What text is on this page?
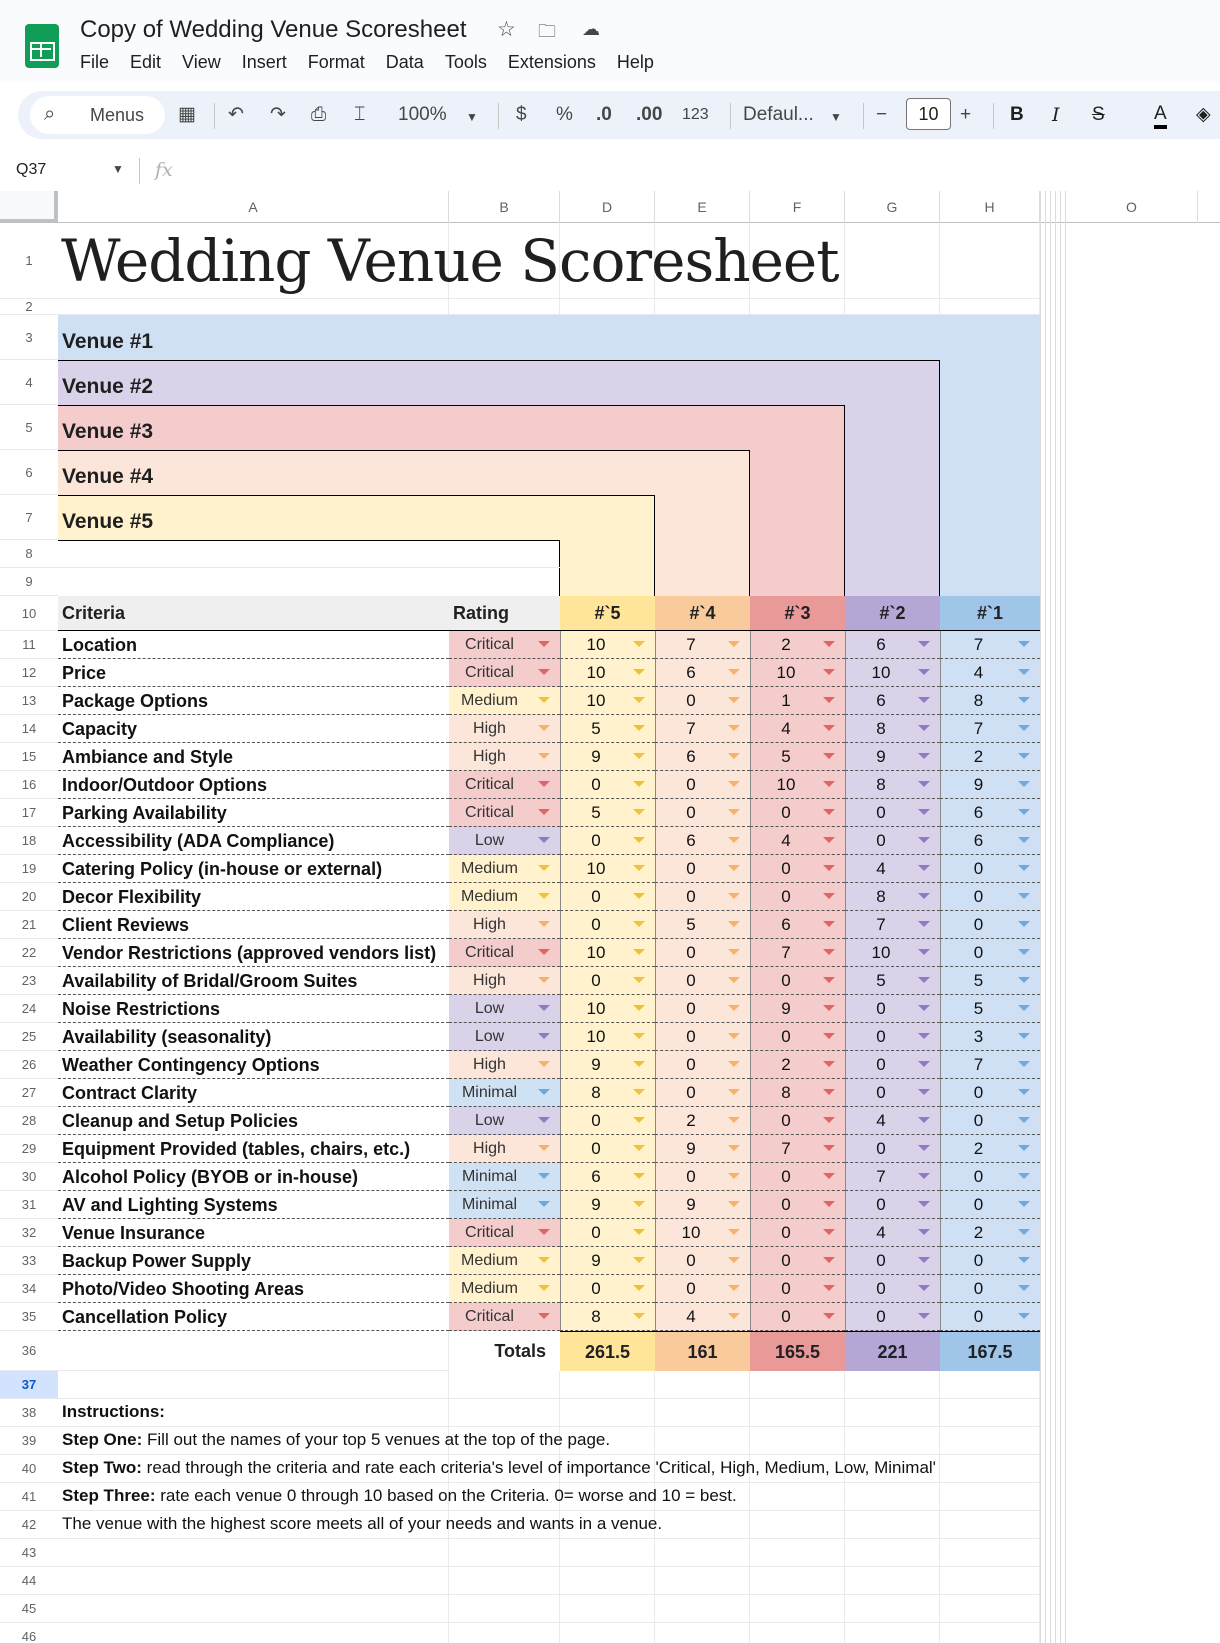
Copy of Wedding Venue Scoresheet ☆ 🗀 ☁
File Edit View Insert Format Data Tools Extensions Help
⌕ Menus ▦ ↶ ↷ ⎙ ⌶ 100% ▼ $ % .0 .00 123 Defaul... ▼ −	10	+ B I S	A ◈
Q37	▼ fx
A	B	D	E	F	G	H	O
1
2
3
4
5
6
7
8
9
10
11
12
13
14
15
16
17
18
19
20
21
22
23
24
25
26
27
28
29
30
31
32
33
34
35
36
37
38
39
40
41
42
43
44
45
46
Venue #1
Venue #2
Venue #3
Venue #4
Venue #5
Criteria	Rating	#`5	#`4	#`3	#`2	#`1
Location	Critical	10	7	2	6	7
Price	Critical	10	6	10	10	4
Package Options	Medium	10	0	1	6	8
Capacity	High	5	7	4	8	7
Ambiance and Style	High	9	6	5	9	2
Indoor/Outdoor Options	Critical	0	0	10	8	9
Parking Availability	Critical	5	0	0	0	6
Accessibility (ADA Compliance)	Low	0	6	4	0	6
Catering Policy (in-house or external)	Medium	10	0	0	4	0
Decor Flexibility	Medium	0	0	0	8	0
Client Reviews	High	0	5	6	7	0
Vendor Restrictions (approved vendors list)	Critical	10	0	7	10	0
Availability of Bridal/Groom Suites	High	0	0	0	5	5
Noise Restrictions	Low	10	0	9	0	5
Availability (seasonality)	Low	10	0	0	0	3
Weather Contingency Options	High	9	0	2	0	7
Contract Clarity	Minimal	8	0	8	0	0
Cleanup and Setup Policies	Low	0	2	0	4	0
Equipment Provided (tables, chairs, etc.)	High	0	9	7	0	2
Alcohol Policy (BYOB or in-house)	Minimal	6	0	0	7	0
AV and Lighting Systems	Minimal	9	9	0	0	0
Venue Insurance	Critical	0	10	0	4	2
Backup Power Supply	Medium	9	0	0	0	0
Photo/Video Shooting Areas	Medium	0	0	0	0	0
Cancellation Policy	Critical	8	4	0	0	0
Totals	261.5	161	165.5	221	167.5
Instructions:
Step One: Fill out the names of your top 5 venues at the top of the page.
Step Two: read through the criteria and rate each criteria's level of importance 'Critical, High, Medium, Low, Minimal'
Step Three: rate each venue 0 through 10 based on the Criteria. 0= worse and 10 = best.
The venue with the highest score meets all of your needs and wants in a venue.
Wedding Venue Scoresheet
